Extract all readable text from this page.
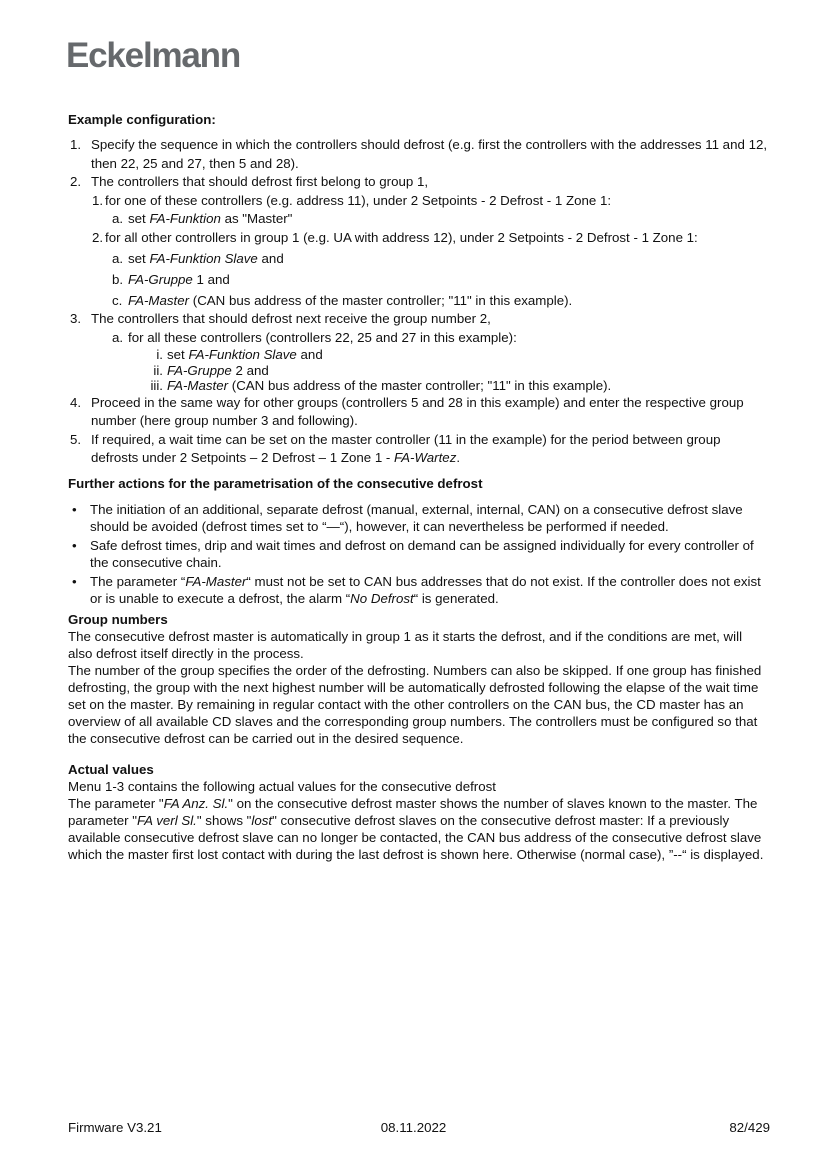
Eckelmann
Example configuration:
1. Specify the sequence in which the controllers should defrost (e.g. first the controllers with the addresses 11 and 12, then 22, 25 and 27, then 5 and 28).
2. The controllers that should defrost first belong to group 1,
1. for one of these controllers (e.g. address 11), under 2 Setpoints - 2 Defrost - 1 Zone 1:
a. set FA-Funktion as "Master"
2. for all other controllers in group 1 (e.g. UA with address 12), under 2 Setpoints - 2 Defrost - 1 Zone 1:
a. set FA-Funktion Slave and
b. FA-Gruppe 1 and
c. FA-Master (CAN bus address of the master controller; "11" in this example).
3. The controllers that should defrost next receive the group number 2,
a. for all these controllers (controllers 22, 25 and 27 in this example):
i. set FA-Funktion Slave and
ii. FA-Gruppe 2 and
iii. FA-Master (CAN bus address of the master controller; "11" in this example).
4. Proceed in the same way for other groups (controllers 5 and 28 in this example) and enter the respective group number (here group number 3 and following).
5. If required, a wait time can be set on the master controller (11 in the example) for the period between group defrosts under 2 Setpoints – 2 Defrost – 1 Zone 1 - FA-Wartez.
Further actions for the parametrisation of the consecutive defrost
• The initiation of an additional, separate defrost (manual, external, internal, CAN) on a consecutive defrost slave should be avoided (defrost times set to “—“), however, it can nevertheless be performed if needed.
• Safe defrost times, drip and wait times and defrost on demand can be assigned individually for every controller of the consecutive chain.
• The parameter “FA-Master“ must not be set to CAN bus addresses that do not exist. If the controller does not exist or is unable to execute a defrost, the alarm “No Defrost“ is generated.
Group numbers
The consecutive defrost master is automatically in group 1 as it starts the defrost, and if the conditions are met, will also defrost itself directly in the process.
The number of the group specifies the order of the defrosting. Numbers can also be skipped. If one group has finished defrosting, the group with the next highest number will be automatically defrosted following the elapse of the wait time set on the master. By remaining in regular contact with the other controllers on the CAN bus, the CD master has an overview of all available CD slaves and the corresponding group numbers. The controllers must be configured so that the consecutive defrost can be carried out in the desired sequence.
Actual values
Menu 1-3 contains the following actual values for the consecutive defrost
The parameter "FA Anz. Sl." on the consecutive defrost master shows the number of slaves known to the master. The parameter "FA verl Sl." shows "lost" consecutive defrost slaves on the consecutive defrost master: If a previously available consecutive defrost slave can no longer be contacted, the CAN bus address of the consecutive defrost slave which the master first lost contact with during the last defrost is shown here. Otherwise (normal case), ”--“ is displayed.
Firmware V3.21	08.11.2022	82/429
